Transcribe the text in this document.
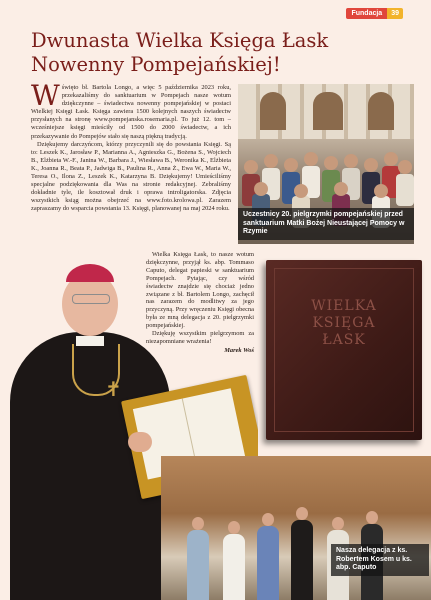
Fundacja	39
Dwunasta Wielka Księga Łask
Nowenny Pompejańskiej!

Wświęto bł. Bartola Longo, a więc 5 października 2023 roku, przekazaliśmy do sanktuarium w Pompejach nasze wotum dziękczynne – świadectwa nowenny pompejańskiej w postaci Wielkiej Księgi Łask. Księga zawiera 1500 kolejnych naszych świadectw przysłanych na stronę www.pompejanska.rosemaria.pl. To już 12. tom – wcześniejsze księgi mieściły od 1500 do 2000 świadectw, a ich przekazywanie do Pompejów stało się naszą piękną tradycją.

Dziękujemy darczyńcom, którzy przyczynili się do powstania Księgi. Są to: Leszek K., Jarosław P., Marianna A., Agnieszka G., Bożena S., Wojciech B., Elżbieta W.-F., Janina W., Barbara J., Wiesława B., Weronika K., Elżbieta K., Joanna R., Beata P., Jadwiga B., Paulina R., Anna Ż., Ewa W., Maria W., Teresa O., Ilona Z., Leszek K., Katarzyna B. Dziękujemy! Umieściliśmy specjalne podziękowania dla Was na stronie redakcyjnej. Zebraliśmy dokładnie tyle, ile kosztował druk i oprawa introligatorska. Zdjęcia wszystkich ksiąg można obejrzeć na www.foto.krolowa.pl. Zarazem zapraszamy do wsparcia powstania 13. Księgi, planowanej na maj 2024 roku.

Uczestnicy 20. pielgrzymki pompejańskiej przed sanktuarium Matki Bożej Nieustającej Pomocy w Rzymie
✝

Wielka Księga Łask, to nasze wotum dziękczynne, przyjął ks. abp. Tommaso Caputo, delegat papieski w sanktuarium Pompejach. Pytając, czy wśród świadectw znajdzie się chociaż jedno związane z bł. Bartolem Longo, zachęcił nas zarazem do modlitwy za jego przyczyną. Przy wręczeniu Księgi obecna była ze mną delegacja z 20. pielgrzymki pompejańskiej.

Dziękuję wszystkim pielgrzymom za niezapomniane wrażenia!

Marek Woś

WIELKA
KSIĘGA
ŁASK
Nasza delegacja z ks. Robertem Kosem u ks. abp. Caputo
